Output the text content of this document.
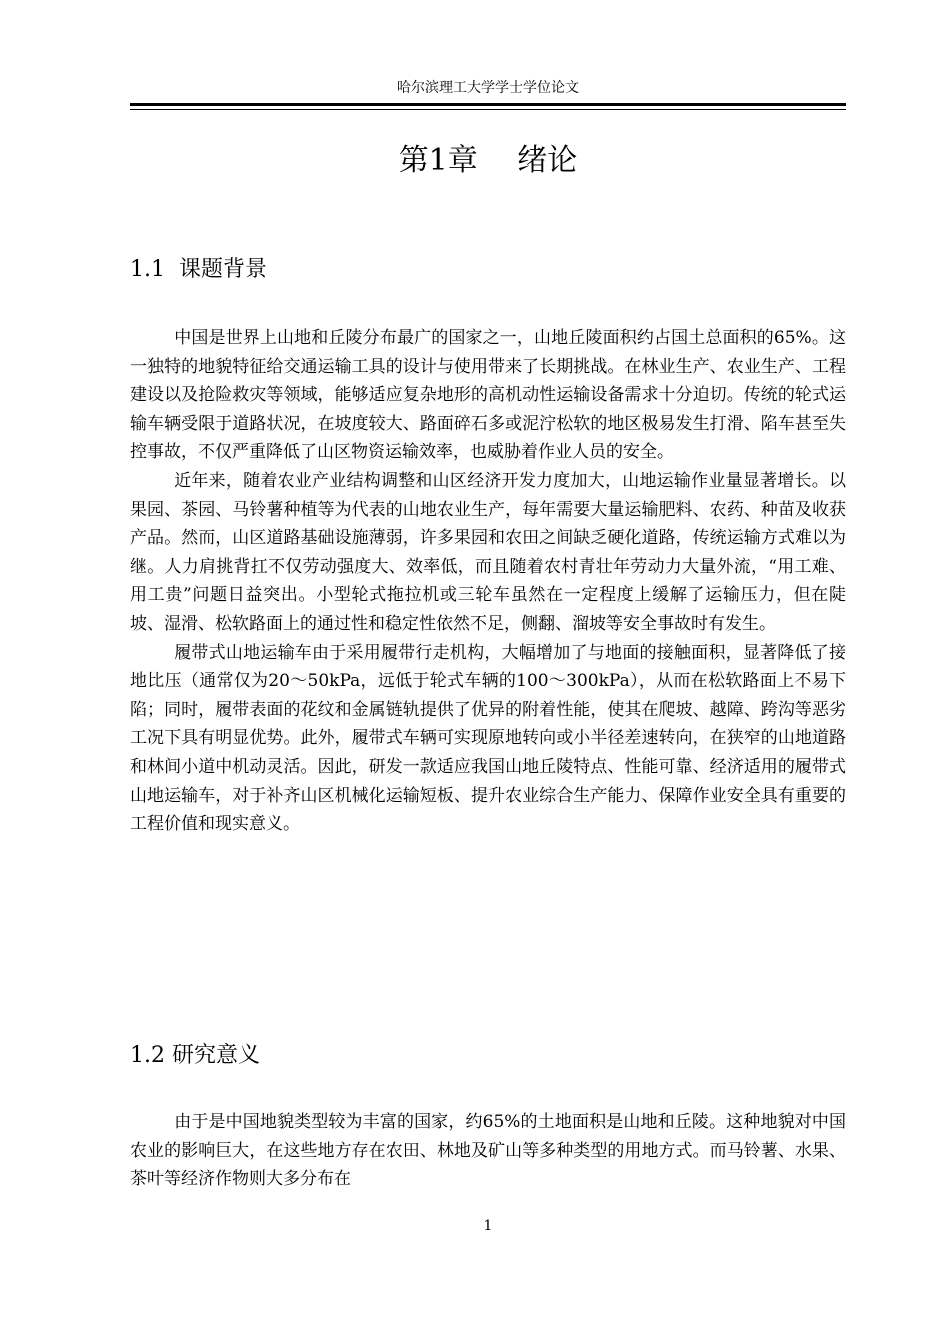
哈尔滨理工大学学士学位论文
第1章　 绪论
1.1  课题背景

中国是世界上山地和丘陵分布最广的国家之一，山地丘陵面积约占国土总面积的65%。这一独特的地貌特征给交通运输工具的设计与使用带来了长期挑战。在林业生产、农业生产、工程建设以及抢险救灾等领域，能够适应复杂地形的高机动性运输设备需求十分迫切。传统的轮式运输车辆受限于道路状况，在坡度较大、路面碎石多或泥泞松软的地区极易发生打滑、陷车甚至失控事故，不仅严重降低了山区物资运输效率，也威胁着作业人员的安全。

近年来，随着农业产业结构调整和山区经济开发力度加大，山地运输作业量显著增长。以果园、茶园、马铃薯种植等为代表的山地农业生产，每年需要大量运输肥料、农药、种苗及收获产品。然而，山区道路基础设施薄弱，许多果园和农田之间缺乏硬化道路，传统运输方式难以为继。人力肩挑背扛不仅劳动强度大、效率低，而且随着农村青壮年劳动力大量外流，“用工难、用工贵”问题日益突出。小型轮式拖拉机或三轮车虽然在一定程度上缓解了运输压力，但在陡坡、湿滑、松软路面上的通过性和稳定性依然不足，侧翻、溜坡等安全事故时有发生。

履带式山地运输车由于采用履带行走机构，大幅增加了与地面的接触面积，显著降低了接地比压（通常仅为20～50kPa，远低于轮式车辆的100～300kPa），从而在松软路面上不易下陷；同时，履带表面的花纹和金属链轨提供了优异的附着性能，使其在爬坡、越障、跨沟等恶劣工况下具有明显优势。此外，履带式车辆可实现原地转向或小半径差速转向，在狭窄的山地道路和林间小道中机动灵活。因此，研发一款适应我国山地丘陵特点、性能可靠、经济适用的履带式山地运输车，对于补齐山区机械化运输短板、提升农业综合生产能力、保障作业安全具有重要的工程价值和现实意义。

1.2 研究意义

由于是中国地貌类型较为丰富的国家，约65%的土地面积是山地和丘陵。这种地貌对中国农业的影响巨大，在这些地方存在农田、林地及矿山等多种类型的用地方式。而马铃薯、水果、茶叶等经济作物则大多分布在

1
